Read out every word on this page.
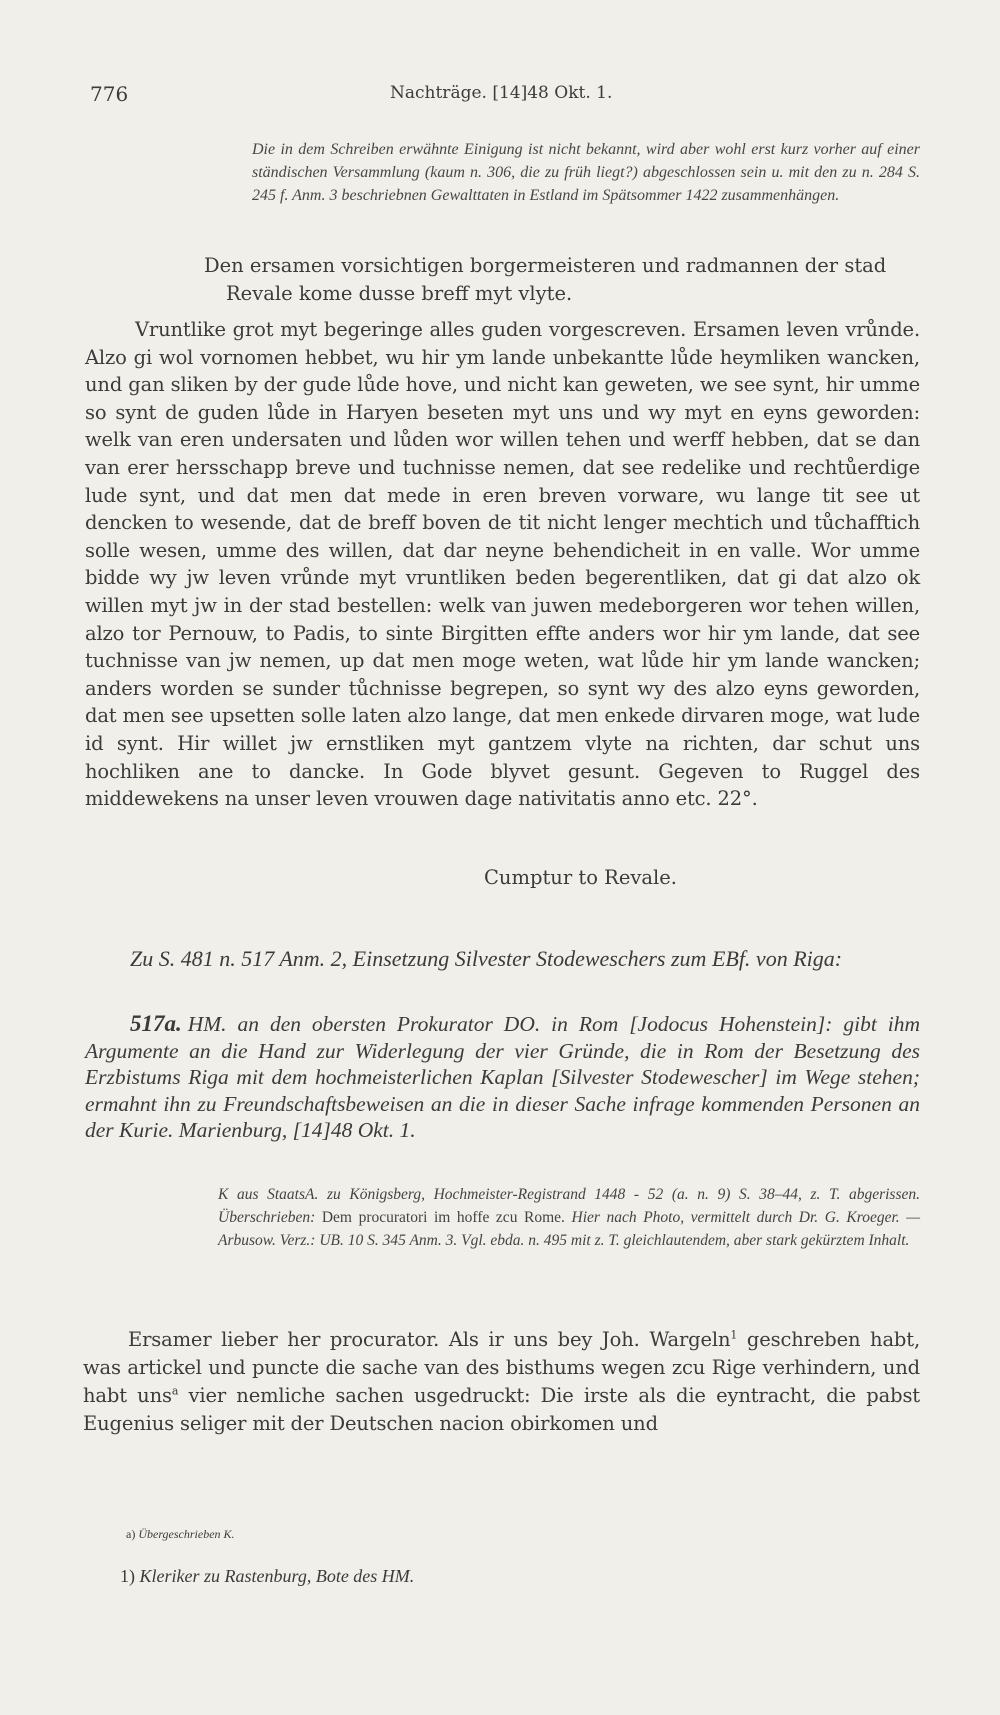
776	Nachträge. [14]48 Okt. 1.
Die in dem Schreiben erwähnte Einigung ist nicht bekannt, wird aber wohl erst kurz vorher auf einer ständischen Versammlung (kaum n. 306, die zu früh liegt?) abgeschlossen sein u. mit den zu n. 284 S. 245 f. Anm. 3 beschriebnen Gewalttaten in Estland im Spätsommer 1422 zusammenhängen.
Den ersamen vorsichtigen borgermeisteren und radmannen der stad
Revale kome dusse breff myt vlyte.

Vruntlike grot myt begeringe alles guden vorgescreven. Ersamen leven vrůnde. Alzo gi wol vornomen hebbet, wu hir ym lande unbekantte lůde heymliken wancken, und gan sliken by der gude lůde hove, und nicht kan geweten, we see synt, hir umme so synt de guden lůde in Haryen beseten myt uns und wy myt en eyns geworden: welk van eren undersaten und lůden wor willen tehen und werff hebben, dat se dan van erer hersschapp breve und tuchnisse nemen, dat see redelike und rechtůerdige lude synt, und dat men dat mede in eren breven vorware, wu lange tit see ut dencken to wesende, dat de breff boven de tit nicht lenger mechtich und tůchafftich solle wesen, umme des willen, dat dar neyne behendicheit in en valle. Wor umme bidde wy jw leven vrůnde myt vruntliken beden begerentliken, dat gi dat alzo ok willen myt jw in der stad bestellen: welk van juwen medeborgeren wor tehen willen, alzo tor Pernouw, to Padis, to sinte Birgitten effte anders wor hir ym lande, dat see tuchnisse van jw nemen, up dat men moge weten, wat lůde hir ym lande wancken; anders worden se sunder tůchnisse begrepen, so synt wy des alzo eyns geworden, dat men see upsetten solle laten alzo lange, dat men enkede dirvaren moge, wat lude id synt. Hir willet jw ernstliken myt gantzem vlyte na richten, dar schut uns hochliken ane to dancke. In Gode blyvet gesunt. Gegeven to Ruggel des middewekens na unser leven vrouwen dage nativitatis anno etc. 22°.

Cumptur to Revale.
Zu S. 481 n. 517 Anm. 2, Einsetzung Silvester Stodeweschers zum EBf. von Riga:
517a. HM. an den obersten Prokurator DO. in Rom [Jodocus Hohenstein]: gibt ihm Argumente an die Hand zur Widerlegung der vier Gründe, die in Rom der Besetzung des Erzbistums Riga mit dem hochmeisterlichen Kaplan [Silvester Stodewescher] im Wege stehen; ermahnt ihn zu Freundschaftsbeweisen an die in dieser Sache infrage kommenden Personen an der Kurie. Marienburg, [14]48 Okt. 1.
K aus StaatsA. zu Königsberg, Hochmeister-Registrand 1448 - 52 (a. n. 9) S. 38–44, z. T. abgerissen. Überschrieben: Dem procuratori im hoffe zcu Rome. Hier nach Photo, vermittelt durch Dr. G. Kroeger. — Arbusow. Verz.: UB. 10 S. 345 Anm. 3. Vgl. ebda. n. 495 mit z. T. gleichlautendem, aber stark gekürztem Inhalt.

Ersamer lieber her procurator. Als ir uns bey Joh. Wargeln$^1$ geschreben habt, was artickel und puncte die sache van des bisthums wegen zcu Rige verhindern, und habt uns$^a$ vier nemliche sachen usgedruckt: Die irste als die eyntracht, die pabst Eugenius seliger mit der Deutschen nacion obirkomen und

a) Übergeschrieben K.
1) Kleriker zu Rastenburg, Bote des HM.
